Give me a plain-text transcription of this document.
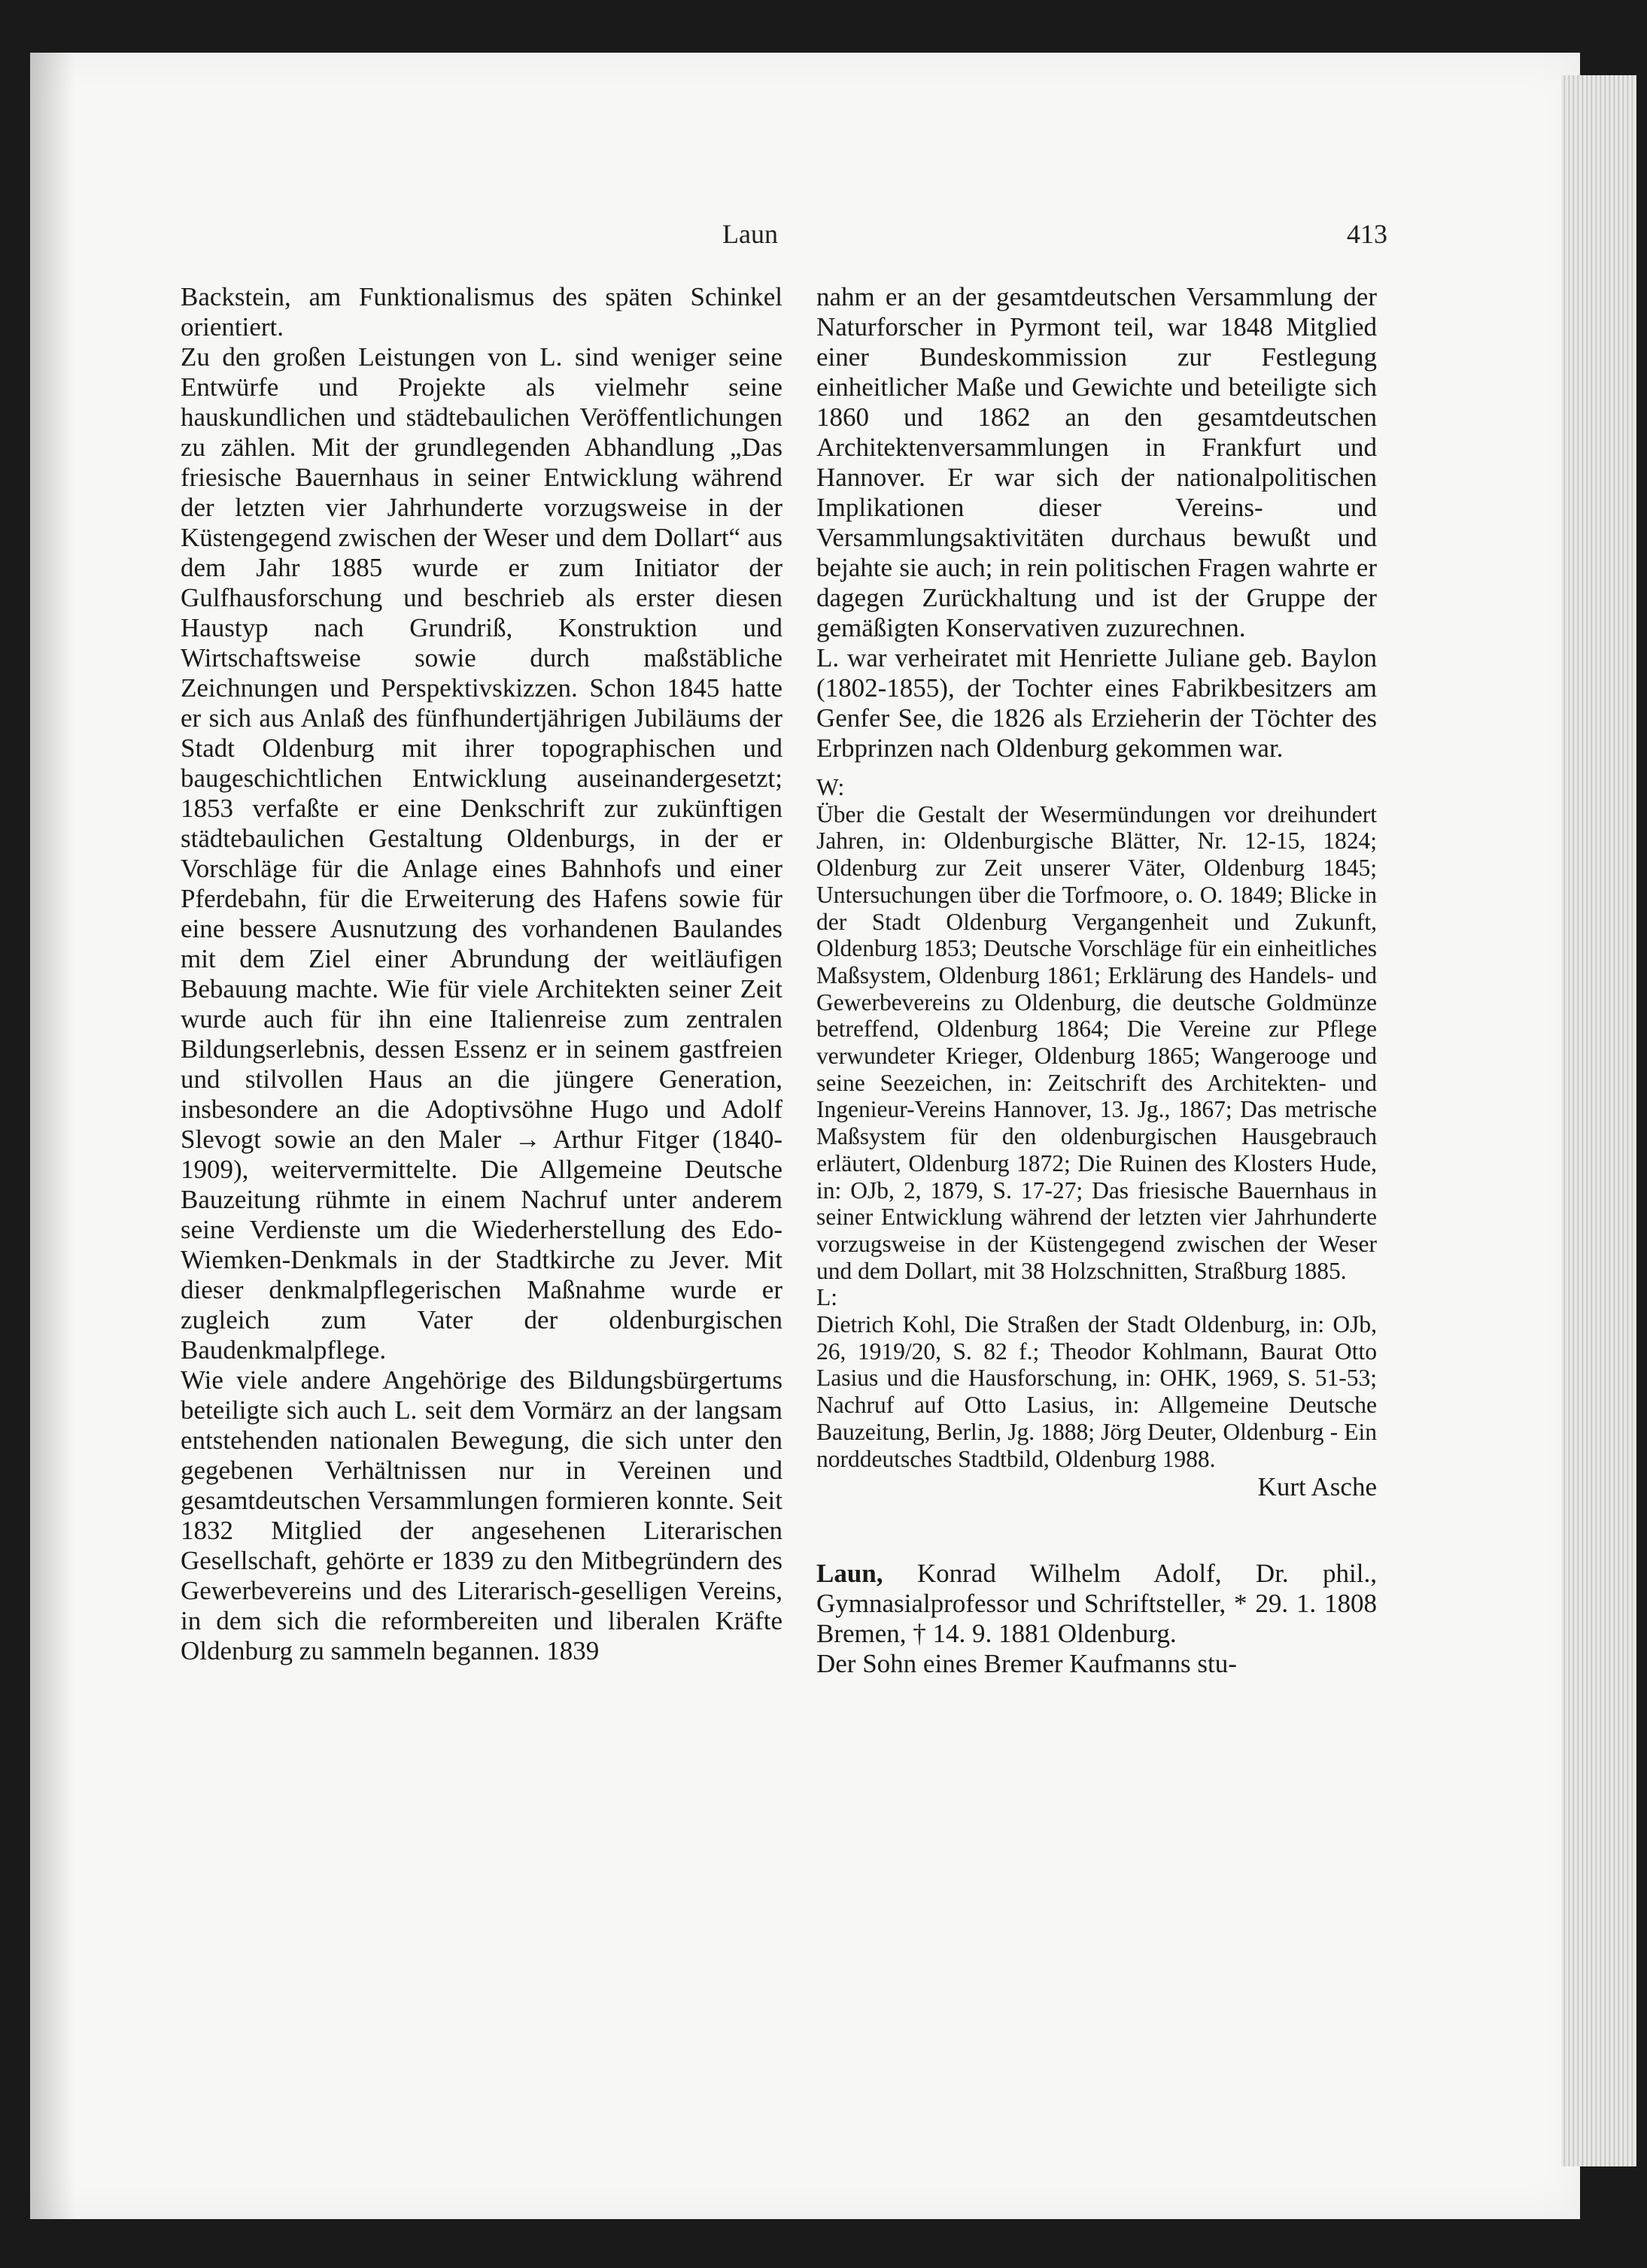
Laun	413

Backstein, am Funktionalismus des späten Schinkel orientiert.

Zu den großen Leistungen von L. sind weniger seine Entwürfe und Projekte als vielmehr seine hauskundlichen und städtebaulichen Veröffentlichungen zu zählen. Mit der grundlegenden Abhandlung „Das friesische Bauernhaus in seiner Entwicklung während der letzten vier Jahrhunderte vorzugsweise in der Küstengegend zwischen der Weser und dem Dollart“ aus dem Jahr 1885 wurde er zum Initiator der Gulfhausforschung und beschrieb als erster diesen Haustyp nach Grundriß, Konstruktion und Wirtschaftsweise sowie durch maßstäbliche Zeichnungen und Perspektivskizzen. Schon 1845 hatte er sich aus Anlaß des fünfhundertjährigen Jubiläums der Stadt Oldenburg mit ihrer topographischen und baugeschichtlichen Entwicklung auseinandergesetzt; 1853 verfaßte er eine Denkschrift zur zukünftigen städtebaulichen Gestaltung Oldenburgs, in der er Vorschläge für die Anlage eines Bahnhofs und einer Pferdebahn, für die Erweiterung des Hafens sowie für eine bessere Ausnutzung des vorhandenen Baulandes mit dem Ziel einer Abrundung der weitläufigen Bebauung machte. Wie für viele Architekten seiner Zeit wurde auch für ihn eine Italienreise zum zentralen Bildungserlebnis, dessen Essenz er in seinem gastfreien und stilvollen Haus an die jüngere Generation, insbesondere an die Adoptivsöhne Hugo und Adolf Slevogt sowie an den Maler → Arthur Fitger (1840-1909), weitervermittelte. Die Allgemeine Deutsche Bauzeitung rühmte in einem Nachruf unter anderem seine Verdienste um die Wiederherstellung des Edo-Wiemken-Denkmals in der Stadtkirche zu Jever. Mit dieser denkmalpflegerischen Maßnahme wurde er zugleich zum Vater der oldenburgischen Baudenkmalpflege.

Wie viele andere Angehörige des Bildungsbürgertums beteiligte sich auch L. seit dem Vormärz an der langsam entstehenden nationalen Bewegung, die sich unter den gegebenen Verhältnissen nur in Vereinen und gesamtdeutschen Versammlungen formieren konnte. Seit 1832 Mitglied der angesehenen Literarischen Gesellschaft, gehörte er 1839 zu den Mitbegründern des Gewerbevereins und des Literarisch-geselligen Vereins, in dem sich die reformbereiten und liberalen Kräfte Oldenburg zu sammeln begannen. 1839

nahm er an der gesamtdeutschen Versammlung der Naturforscher in Pyrmont teil, war 1848 Mitglied einer Bundeskommission zur Festlegung einheitlicher Maße und Gewichte und beteiligte sich 1860 und 1862 an den gesamtdeutschen Architektenversammlungen in Frankfurt und Hannover. Er war sich der nationalpolitischen Implikationen dieser Vereins- und Versammlungsaktivitäten durchaus bewußt und bejahte sie auch; in rein politischen Fragen wahrte er dagegen Zurückhaltung und ist der Gruppe der gemäßigten Konservativen zuzurechnen.

L. war verheiratet mit Henriette Juliane geb. Baylon (1802-1855), der Tochter eines Fabrikbesitzers am Genfer See, die 1826 als Erzieherin der Töchter des Erbprinzen nach Oldenburg gekommen war.

W:

Über die Gestalt der Wesermündungen vor dreihundert Jahren, in: Oldenburgische Blätter, Nr. 12-15, 1824; Oldenburg zur Zeit unserer Väter, Oldenburg 1845; Untersuchungen über die Torfmoore, o. O. 1849; Blicke in der Stadt Oldenburg Vergangenheit und Zukunft, Oldenburg 1853; Deutsche Vorschläge für ein einheitliches Maßsystem, Oldenburg 1861; Erklärung des Handels- und Gewerbevereins zu Oldenburg, die deutsche Goldmünze betreffend, Oldenburg 1864; Die Vereine zur Pflege verwundeter Krieger, Oldenburg 1865; Wangerooge und seine Seezeichen, in: Zeitschrift des Architekten- und Ingenieur-Vereins Hannover, 13. Jg., 1867; Das metrische Maßsystem für den oldenburgischen Hausgebrauch erläutert, Oldenburg 1872; Die Ruinen des Klosters Hude, in: OJb, 2, 1879, S. 17-27; Das friesische Bauernhaus in seiner Entwicklung während der letzten vier Jahrhunderte vorzugsweise in der Küstengegend zwischen der Weser und dem Dollart, mit 38 Holzschnitten, Straßburg 1885.

L:

Dietrich Kohl, Die Straßen der Stadt Oldenburg, in: OJb, 26, 1919/20, S. 82 f.; Theodor Kohlmann, Baurat Otto Lasius und die Hausforschung, in: OHK, 1969, S. 51-53; Nachruf auf Otto Lasius, in: Allgemeine Deutsche Bauzeitung, Berlin, Jg. 1888; Jörg Deuter, Oldenburg - Ein norddeutsches Stadtbild, Oldenburg 1988.

Kurt Asche

Laun, Konrad Wilhelm Adolf, Dr. phil., Gymnasialprofessor und Schriftsteller, * 29. 1. 1808 Bremen, † 14. 9. 1881 Oldenburg.

Der Sohn eines Bremer Kaufmanns stu-
